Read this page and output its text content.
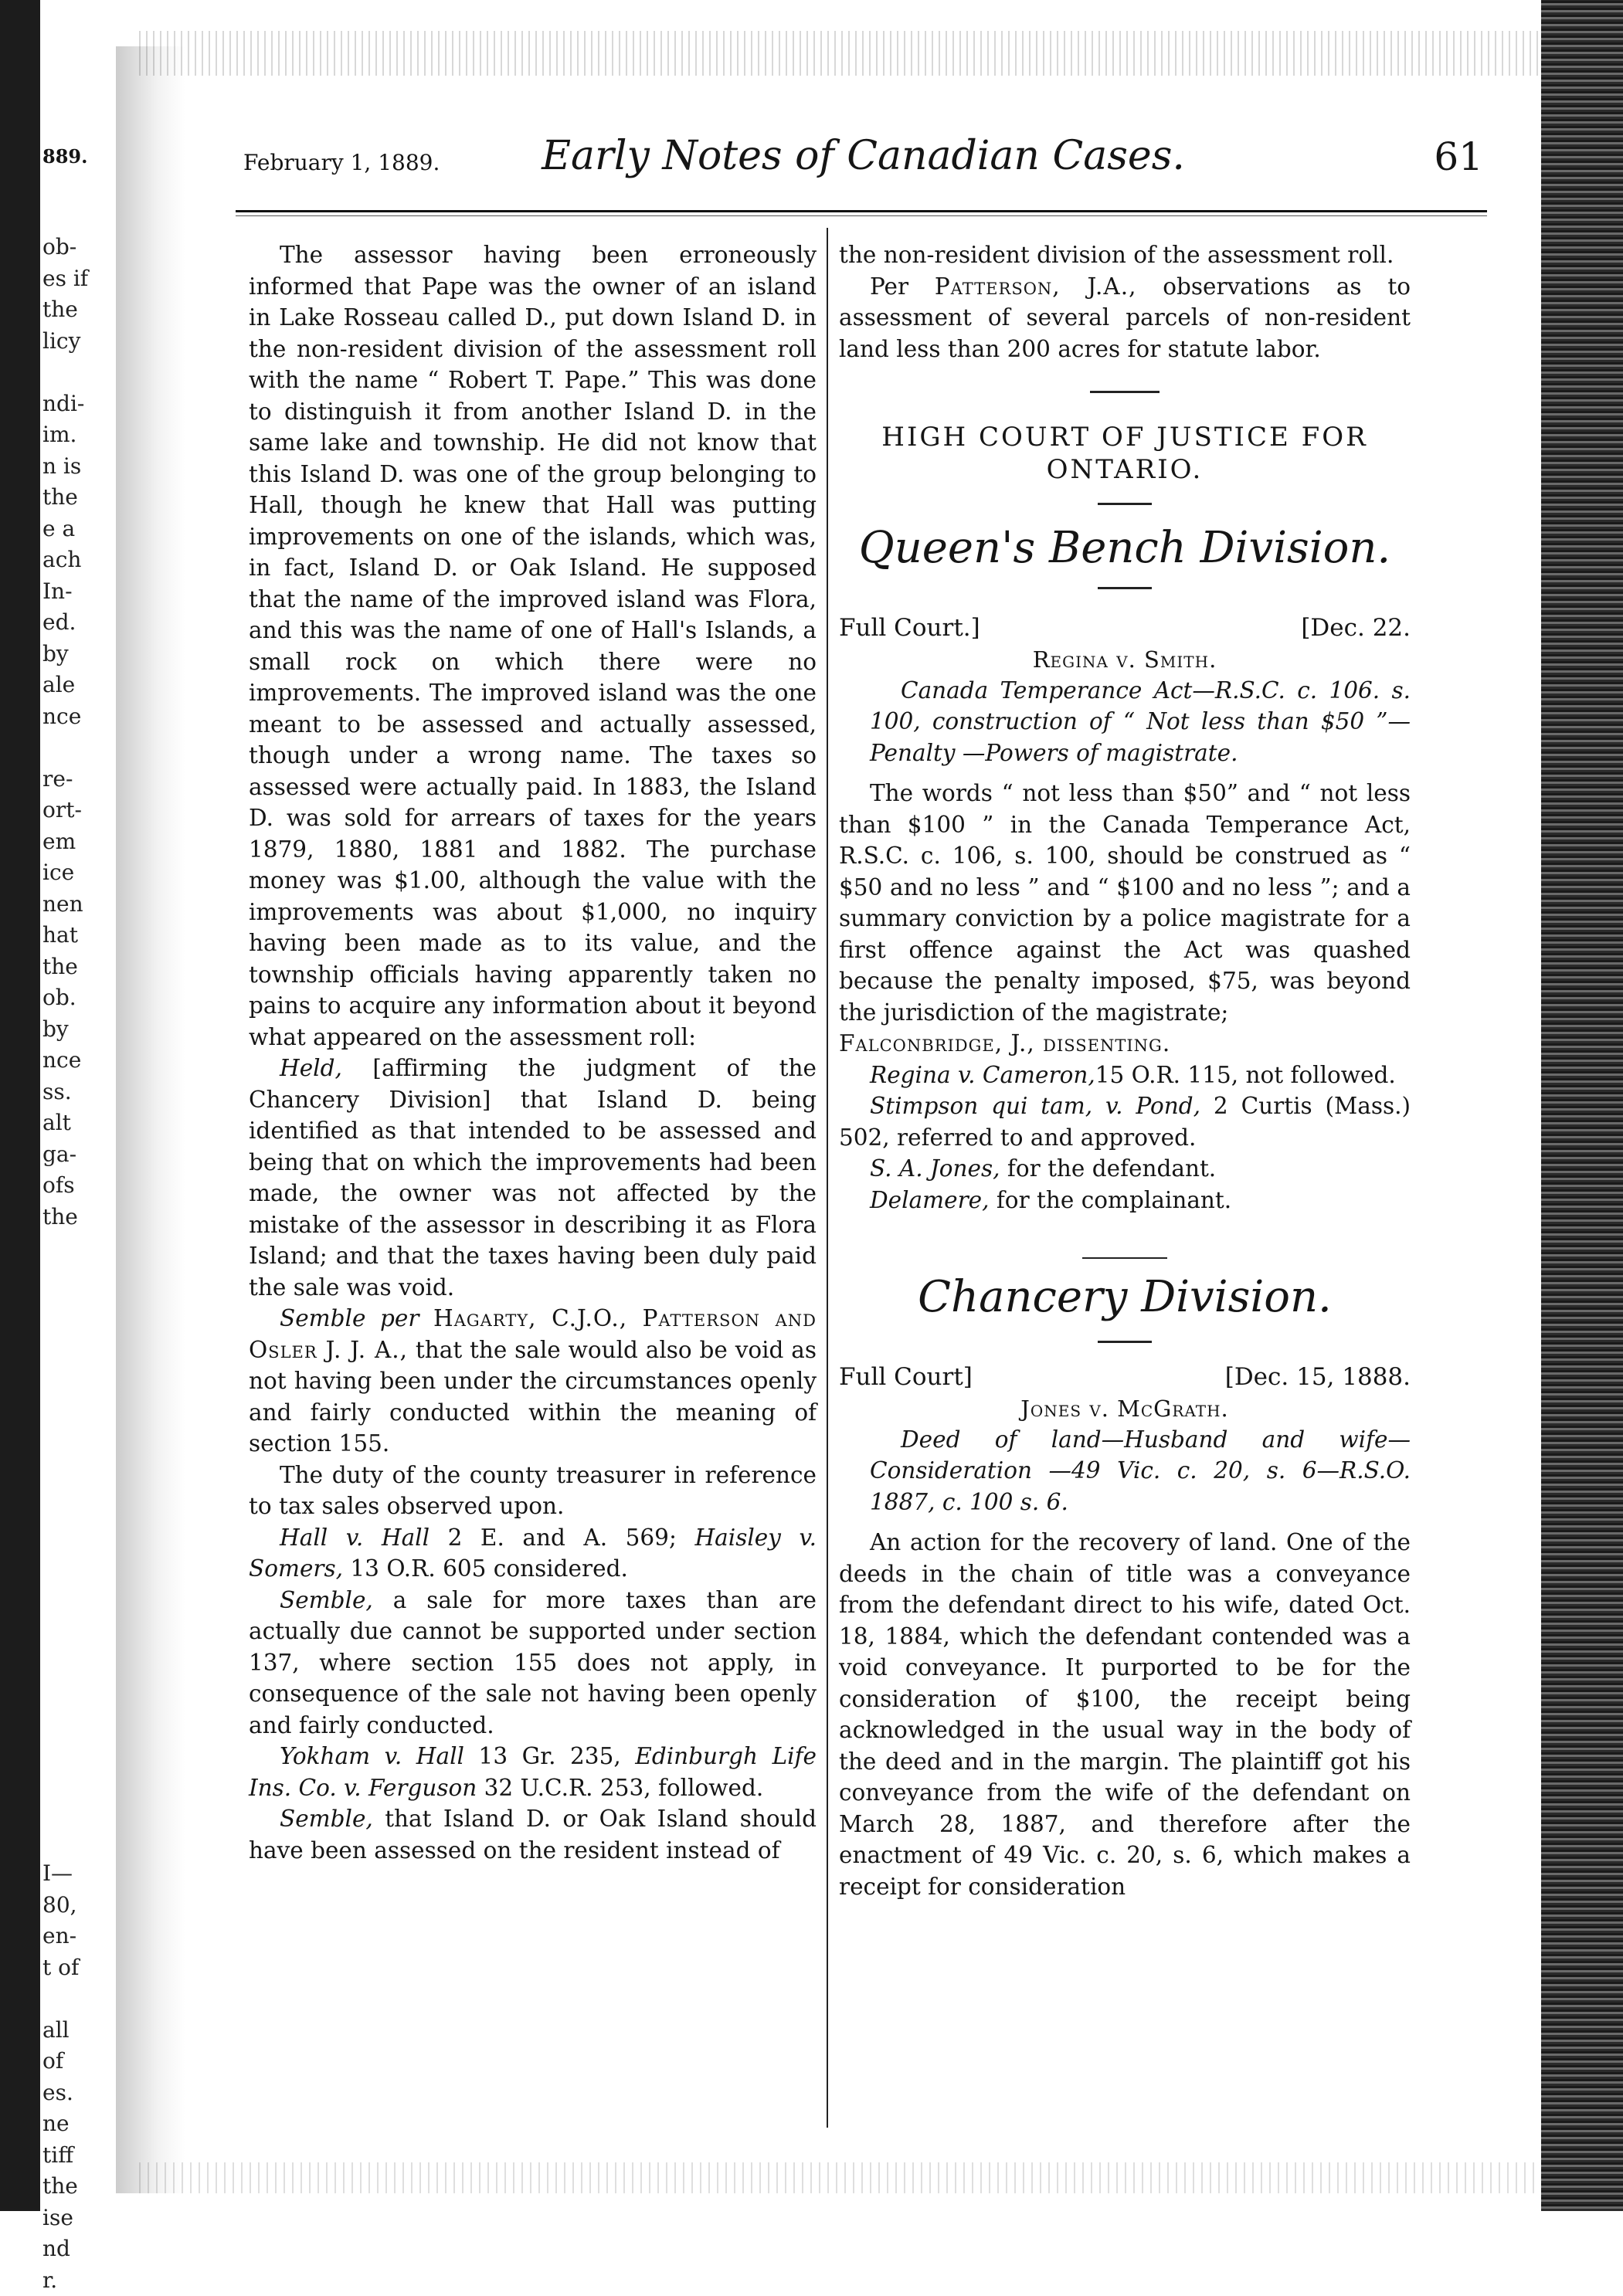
889.
ob-
es if
the
licy
ndi-
im.
n is
the
e a
ach
In-
ed.
by
ale
nce
re-
ort-
em
ice
nen
hat
the
ob.
by
nce
ss.
alt
ga-
ofs
the
I—
80,
en-
t of
all
of
es.
ne
tiff
the
ise
nd
r.
February 1, 1889.	Early Notes of Canadian Cases.	61

The assessor having been erroneously informed that Pape was the owner of an island in Lake Rosseau called D., put down Island D. in the non-resident division of the assessment roll with the name “ Robert T. Pape.” This was done to distinguish it from another Island D. in the same lake and township. He did not know that this Island D. was one of the group belonging to Hall, though he knew that Hall was putting improvements on one of the islands, which was, in fact, Island D. or Oak Island. He supposed that the name of the improved island was Flora, and this was the name of one of Hall's Islands, a small rock on which there were no improvements. The improved island was the one meant to be assessed and actually assessed, though under a wrong name. The taxes so assessed were actually paid. In 1883, the Island D. was sold for arrears of taxes for the years 1879, 1880, 1881 and 1882. The purchase money was $1.00, although the value with the improvements was about $1,000, no inquiry having been made as to its value, and the township officials having apparently taken no pains to acquire any information about it beyond what appeared on the assessment roll:

Held, [affirming the judgment of the Chancery Division] that Island D. being identified as that intended to be assessed and being that on which the improvements had been made, the owner was not affected by the mistake of the assessor in describing it as Flora Island; and that the taxes having been duly paid the sale was void.

Semble per Hagarty, C.J.O., Patterson and Osler J. J. A., that the sale would also be void as not having been under the circumstances openly and fairly conducted within the meaning of section 155.

The duty of the county treasurer in reference to tax sales observed upon.

Hall v. Hall 2 E. and A. 569; Haisley v. Somers, 13 O.R. 605 considered.

Semble, a sale for more taxes than are actually due cannot be supported under section 137, where section 155 does not apply, in consequence of the sale not having been openly and fairly conducted.

Yokham v. Hall 13 Gr. 235, Edinburgh Life Ins. Co. v. Ferguson 32 U.C.R. 253, followed.

Semble, that Island D. or Oak Island should have been assessed on the resident instead of

the non-resident division of the assessment roll.

Per Patterson, J.A., observations as to assessment of several parcels of non-resident land less than 200 acres for statute labor.

HIGH COURT OF JUSTICE FOR
ONTARIO.
Queen's Bench Division.
Full Court.]	[Dec. 22.
Regina v. Smith.

Canada Temperance Act—R.S.C. c. 106. s. 100, construction of “ Not less than $50 ”—Penalty —Powers of magistrate.

The words “ not less than $50” and “ not less than $100 ” in the Canada Temperance Act, R.S.C. c. 106, s. 100, should be construed as “ $50 and no less ” and “ $100 and no less ”; and a summary conviction by a police magistrate for a first offence against the Act was quashed because the penalty imposed, $75, was beyond the jurisdiction of the magistrate;

Falconbridge, J., dissenting.

Regina v. Cameron,15 O.R. 115, not followed.

Stimpson qui tam, v. Pond, 2 Curtis (Mass.) 502, referred to and approved.

S. A. Jones, for the defendant.

Delamere, for the complainant.

Chancery Division.
Full Court]	[Dec. 15, 1888.
Jones v. McGrath.

Deed of land—Husband and wife—Consideration —49 Vic. c. 20, s. 6—R.S.O. 1887, c. 100 s. 6.

An action for the recovery of land. One of the deeds in the chain of title was a conveyance from the defendant direct to his wife, dated Oct. 18, 1884, which the defendant contended was a void conveyance. It purported to be for the consideration of $100, the receipt being acknowledged in the usual way in the body of the deed and in the margin. The plaintiff got his conveyance from the wife of the defendant on March 28, 1887, and therefore after the enactment of 49 Vic. c. 20, s. 6, which makes a receipt for consideration
